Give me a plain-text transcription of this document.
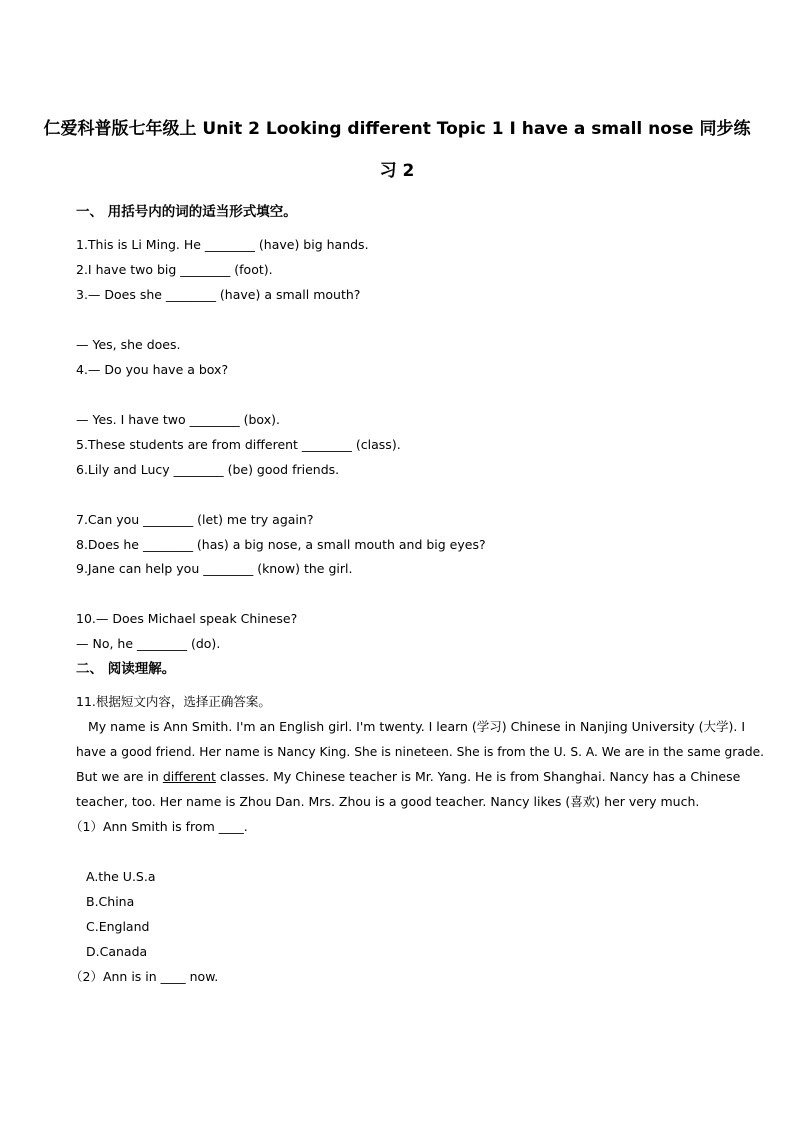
仁爱科普版七年级上 Unit 2 Looking different Topic 1 I have a small nose 同步练
习 2
一、 用括号内的词的适当形式填空。
1.This is Li Ming. He ________ (have) big hands.
2.I have two big ________ (foot).
3.— Does she ________ (have) a small mouth?
— Yes, she does.
4.— Do you have a box?
— Yes. I have two ________ (box).
5.These students are from different ________ (class).
6.Lily and Lucy ________ (be) good friends.
7.Can you ________ (let) me try again?
8.Does he ________ (has) a big nose, a small mouth and big eyes?
9.Jane can help you ________ (know) the girl.
10.— Does Michael speak Chinese?
— No, he ________ (do).
二、 阅读理解。
11.根据短文内容，选择正确答案。
My name is Ann Smith. I'm an English girl. I'm twenty. I learn (学习) Chinese in Nanjing University (大学). I
have a good friend. Her name is Nancy King. She is nineteen. She is from the U. S. A. We are in the same grade.
But we are in different classes. My Chinese teacher is Mr. Yang. He is from Shanghai. Nancy has a Chinese
teacher, too. Her name is Zhou Dan. Mrs. Zhou is a good teacher. Nancy likes (喜欢) her very much.
（1）Ann Smith is from ____.
A.the U.S.a
B.China
C.England
D.Canada
（2）Ann is in ____ now.
